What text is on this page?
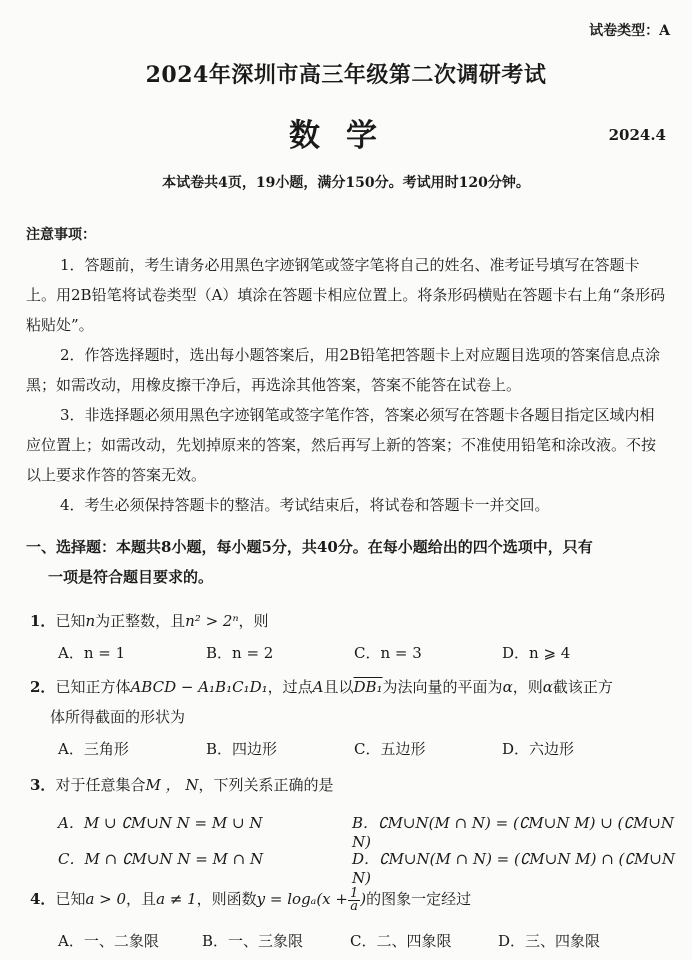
试卷类型：A
2024年深圳市高三年级第二次调研考试
数学	2024.4
本试卷共4页，19小题，满分150分。考试用时120分钟。
注意事项：
1．答题前，考生请务必用黑色字迹钢笔或签字笔将自己的姓名、准考证号填写在答题卡上。用2B铅笔将试卷类型（A）填涂在答题卡相应位置上。将条形码横贴在答题卡右上角“条形码粘贴处”。
2．作答选择题时，选出每小题答案后，用2B铅笔把答题卡上对应题目选项的答案信息点涂黑；如需改动，用橡皮擦干净后，再选涂其他答案，答案不能答在试卷上。
3．非选择题必须用黑色字迹钢笔或签字笔作答，答案必须写在答题卡各题目指定区域内相应位置上；如需改动，先划掉原来的答案，然后再写上新的答案；不准使用铅笔和涂改液。不按以上要求作答的答案无效。
4．考生必须保持答题卡的整洁。考试结束后，将试卷和答题卡一并交回。
一、选择题：本题共8小题，每小题5分，共40分。在每小题给出的四个选项中，只有
一项是符合题目要求的。
1．已知n为正整数，且n² > 2ⁿ，则
A．n = 1	B．n = 2	C．n = 3	D．n ⩾ 4
2．已知正方体ABCD − A₁B₁C₁D₁，过点A且以DB₁为法向量的平面为α，则α截该正方
体所得截面的形状为
A．三角形	B．四边形	C．五边形	D．六边形
3．对于任意集合M ， N，下列关系正确的是
A．M ∪ ∁M∪N N = M ∪ N	B．∁M∪N(M ∩ N) = (∁M∪N M) ∪ (∁M∪N N)
C．M ∩ ∁M∪N N = M ∩ N	D．∁M∪N(M ∩ N) = (∁M∪N M) ∩ (∁M∪N N)
4．已知a > 0，且a ≠ 1，则函数$y = \log_a(x + \frac{1}{a}$ )的图象一定经过
A．一、二象限	B．一、三象限	C．二、四象限	D．三、四象限
